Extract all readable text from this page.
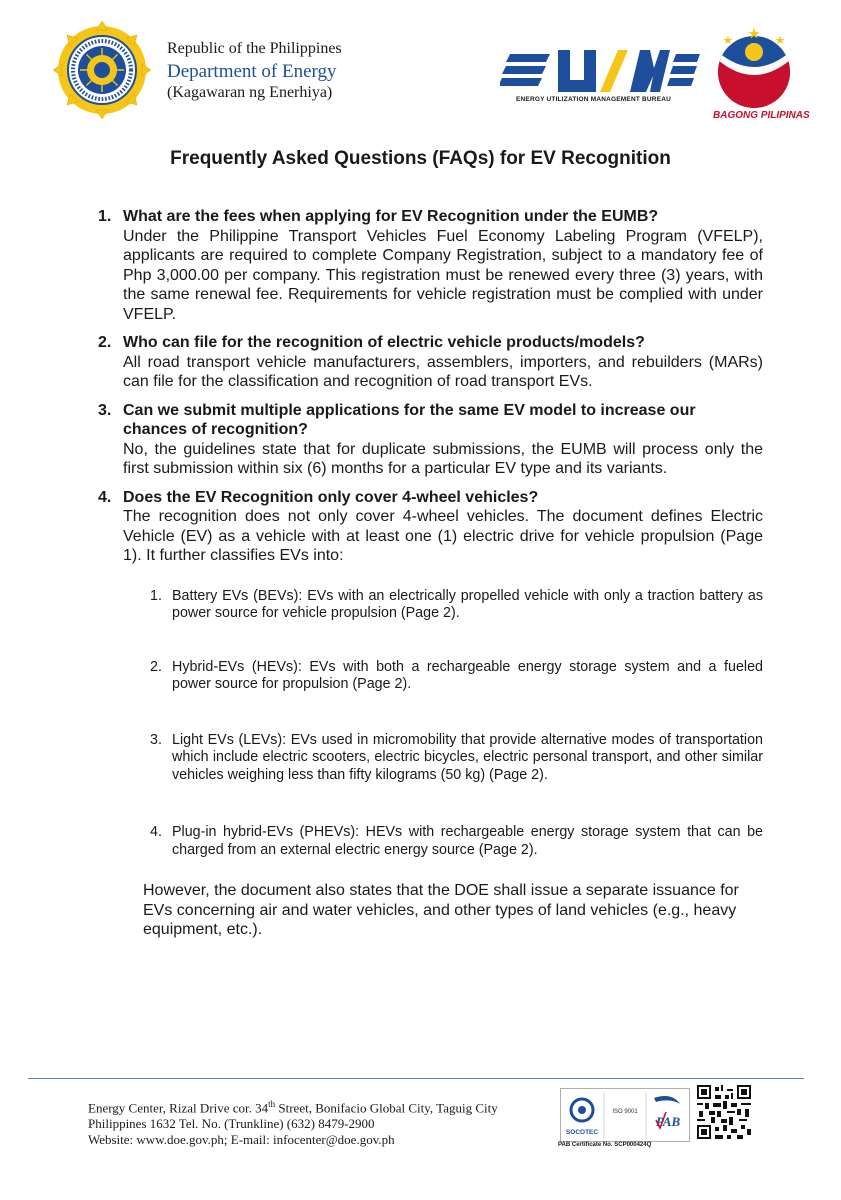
Republic of the Philippines
Department of Energy
(Kagawaran ng Enerhiya)	ENERGY UTILIZATION MANAGEMENT BUREAU
BAGONG PILIPINAS
Frequently Asked Questions (FAQs) for EV Recognition
1. What are the fees when applying for EV Recognition under the EUMB?
Under the Philippine Transport Vehicles Fuel Economy Labeling Program (VFELP), applicants are required to complete Company Registration, subject to a mandatory fee of Php 3,000.00 per company. This registration must be renewed every three (3) years, with the same renewal fee. Requirements for vehicle registration must be complied with under VFELP.
2. Who can file for the recognition of electric vehicle products/models?
All road transport vehicle manufacturers, assemblers, importers, and rebuilders (MARs) can file for the classification and recognition of road transport EVs.
3. Can we submit multiple applications for the same EV model to increase our chances of recognition?
No, the guidelines state that for duplicate submissions, the EUMB will process only the first submission within six (6) months for a particular EV type and its variants.
4. Does the EV Recognition only cover 4-wheel vehicles?
The recognition does not only cover 4-wheel vehicles. The document defines Electric Vehicle (EV) as a vehicle with at least one (1) electric drive for vehicle propulsion (Page 1). It further classifies EVs into:
1. Battery EVs (BEVs): EVs with an electrically propelled vehicle with only a traction battery as power source for vehicle propulsion (Page 2).
2. Hybrid-EVs (HEVs): EVs with both a rechargeable energy storage system and a fueled power source for propulsion (Page 2).
3. Light EVs (LEVs): EVs used in micromobility that provide alternative modes of transportation which include electric scooters, electric bicycles, electric personal transport, and other similar vehicles weighing less than fifty kilograms (50 kg) (Page 2).
4. Plug-in hybrid-EVs (PHEVs): HEVs with rechargeable energy storage system that can be charged from an external electric energy source (Page 2).
However, the document also states that the DOE shall issue a separate issuance for EVs concerning air and water vehicles, and other types of land vehicles (e.g., heavy equipment, etc.).
Energy Center, Rizal Drive cor. 34th Street, Bonifacio Global City, Taguig City
Philippines 1632 Tel. No. (Trunkline) (632) 8479-2900
Website: www.doe.gov.ph; E-mail: infocenter@doe.gov.ph	SOCOTEC
ISO 9001
PAB
PAB Certificate No. SCP000424Q
